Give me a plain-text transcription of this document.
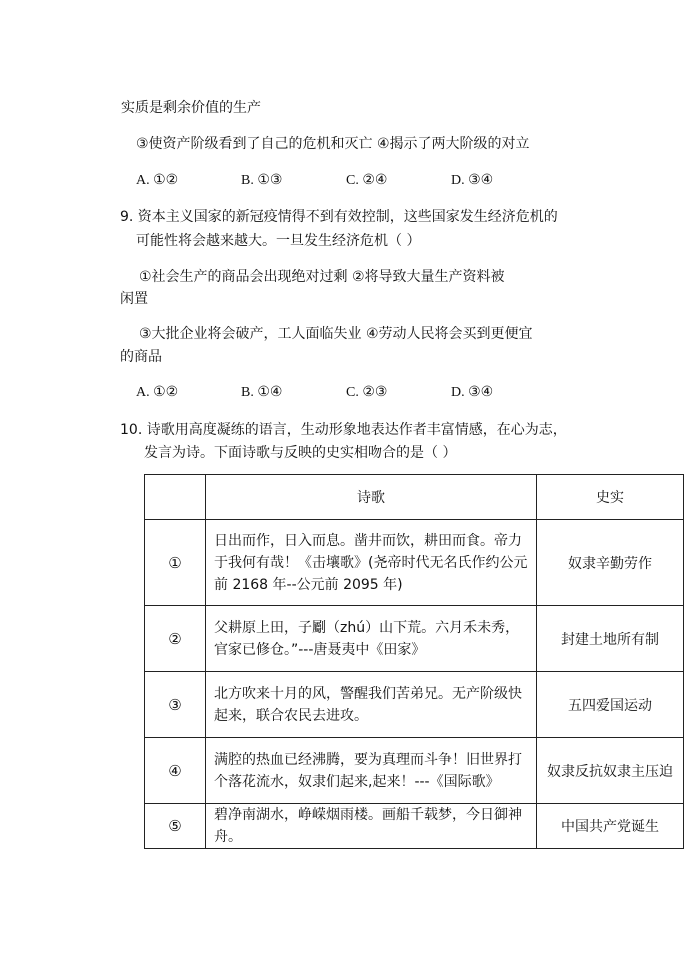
实质是剩余价值的生产
③使资产阶级看到了自己的危机和灭亡 ④揭示了两大阶级的对立
A. ①②	B. ①③	C. ②④	D. ③④
9. 资本主义国家的新冠疫情得不到有效控制，这些国家发生经济危机的
可能性将会越来越大。一旦发生经济危机（ ）
①社会生产的商品会出现绝对过剩 ②将导致大量生产资料被
闲置
③大批企业将会破产，工人面临失业 ④劳动人民将会买到更便宜
的商品
A. ①②	B. ①④	C. ②③	D. ③④
10. 诗歌用高度凝练的语言，生动形象地表达作者丰富情感，在心为志，
发言为诗。下面诗歌与反映的史实相吻合的是（ ）
	诗歌	史实
①	日出而作，日入而息。凿井而饮，耕田而食。帝力于我何有哉！《击壤歌》(尧帝时代无名氏作约公元前 2168 年--公元前 2095 年)	奴隶辛勤劳作
②	父耕原上田，子劚（zhú）山下荒。六月禾未秀，官家已修仓。”---唐聂夷中《田家》	封建土地所有制
③	北方吹来十月的风，警醒我们苦弟兄。无产阶级快起来，联合农民去进攻。	五四爱国运动
④	满腔的热血已经沸腾，要为真理而斗争！旧世界打个落花流水，奴隶们起来,起来！---《国际歌》	奴隶反抗奴隶主压迫
⑤	碧净南湖水，峥嵘烟雨楼。画船千载梦，今日御神舟。	中国共产党诞生
